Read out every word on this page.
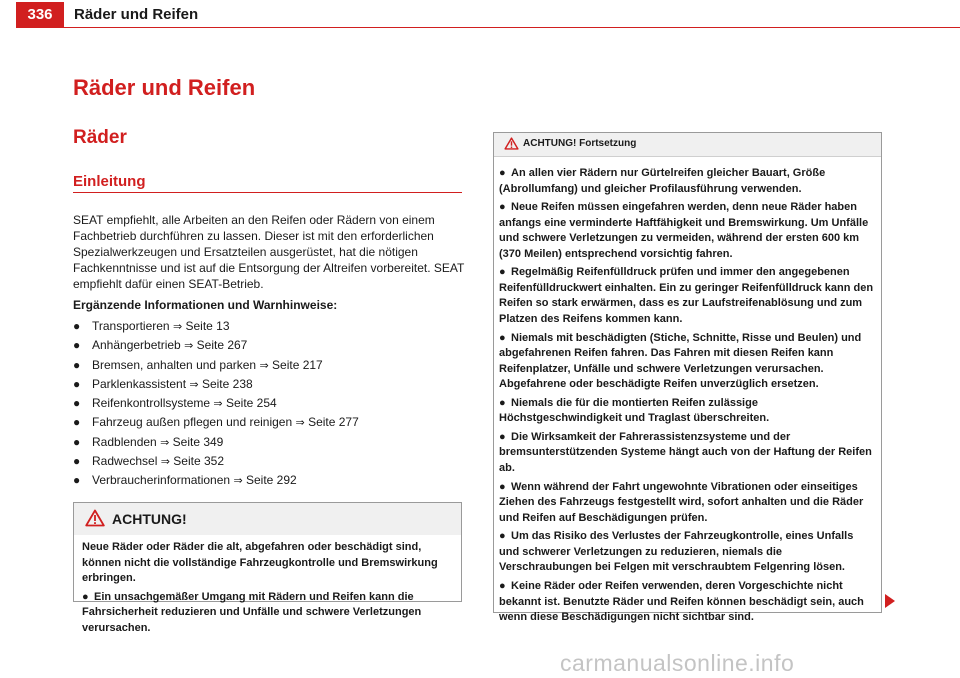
336	Räder und Reifen
Räder und Reifen
Räder
Einleitung
SEAT empfiehlt, alle Arbeiten an den Reifen oder Rädern von einem Fachbetrieb durchführen zu lassen. Dieser ist mit den erforderlichen Spezialwerkzeugen und Ersatzteilen ausgerüstet, hat die nötigen Fachkenntnisse und ist auf die Entsorgung der Altreifen vorbereitet. SEAT empfiehlt dafür einen SEAT-Betrieb.
Ergänzende Informationen und Warnhinweise:
● Transportieren ⇒ Seite 13
● Anhängerbetrieb ⇒ Seite 267
● Bremsen, anhalten und parken ⇒ Seite 217
● Parklenkassistent ⇒ Seite 238
● Reifenkontrollsysteme ⇒ Seite 254
● Fahrzeug außen pflegen und reinigen ⇒ Seite 277
● Radblenden ⇒ Seite 349
● Radwechsel ⇒ Seite 352
● Verbraucherinformationen ⇒ Seite 292
ACHTUNG!

Neue Räder oder Räder die alt, abgefahren oder beschädigt sind, können nicht die vollständige Fahrzeugkontrolle und Bremswirkung erbringen.

● Ein unsachgemäßer Umgang mit Rädern und Reifen kann die Fahrsicherheit reduzieren und Unfälle und schwere Verletzungen verursachen.

ACHTUNG! Fortsetzung

● An allen vier Rädern nur Gürtelreifen gleicher Bauart, Größe (Abrollumfang) und gleicher Profilausführung verwenden.

● Neue Reifen müssen eingefahren werden, denn neue Räder haben anfangs eine verminderte Haftfähigkeit und Bremswirkung. Um Unfälle und schwere Verletzungen zu vermeiden, während der ersten 600 km (370 Meilen) entsprechend vorsichtig fahren.

● Regelmäßig Reifenfülldruck prüfen und immer den angegebenen Reifenfülldruckwert einhalten. Ein zu geringer Reifenfülldruck kann den Reifen so stark erwärmen, dass es zur Laufstreifenablösung und zum Platzen des Reifens kommen kann.

● Niemals mit beschädigten (Stiche, Schnitte, Risse und Beulen) und abgefahrenen Reifen fahren. Das Fahren mit diesen Reifen kann Reifenplatzer, Unfälle und schwere Verletzungen verursachen. Abgefahrene oder beschädigte Reifen unverzüglich ersetzen.

● Niemals die für die montierten Reifen zulässige Höchstgeschwindigkeit und Traglast überschreiten.

● Die Wirksamkeit der Fahrerassistenzsysteme und der bremsunterstützenden Systeme hängt auch von der Haftung der Reifen ab.

● Wenn während der Fahrt ungewohnte Vibrationen oder einseitiges Ziehen des Fahrzeugs festgestellt wird, sofort anhalten und die Räder und Reifen auf Beschädigungen prüfen.

● Um das Risiko des Verlustes der Fahrzeugkontrolle, eines Unfalls und schwerer Verletzungen zu reduzieren, niemals die Verschraubungen bei Felgen mit verschraubtem Felgenring lösen.

● Keine Räder oder Reifen verwenden, deren Vorgeschichte nicht bekannt ist. Benutzte Räder und Reifen können beschädigt sein, auch wenn diese Beschädigungen nicht sichtbar sind.

carmanualsonline.info
